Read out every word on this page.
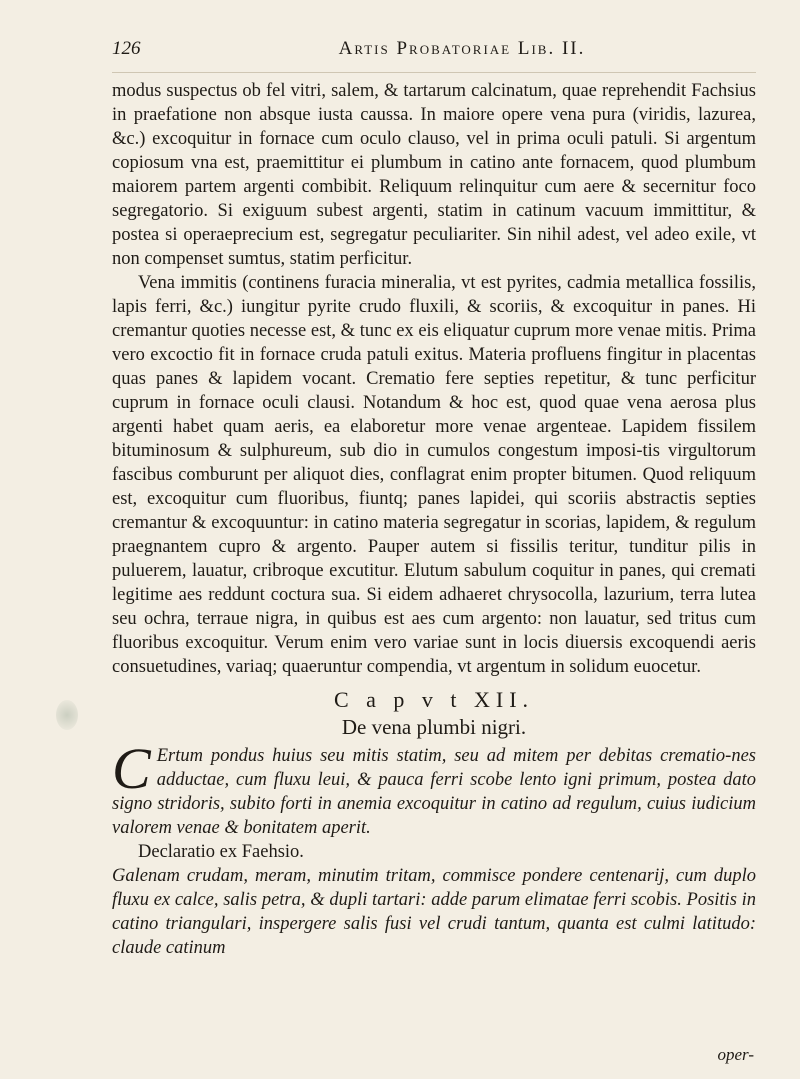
126	Artis Probatoriae Lib. II.

modus suspectus ob fel vitri, salem, & tartarum calcinatum, quae reprehendit Fachsius in praefatione non absque iusta caussa. In maiore opere vena pura (viridis, lazurea, &c.) excoquitur in fornace cum oculo clauso, vel in prima oculi patuli. Si argentum copiosum vna est, praemittitur ei plumbum in catino ante fornacem, quod plumbum maiorem partem argenti combibit. Reliquum relinquitur cum aere & secernitur foco segregatorio. Si exiguum subest argenti, statim in catinum vacuum immittitur, & postea si operaeprecium est, segregatur peculiariter. Sin nihil adest, vel adeo exile, vt non compenset sumtus, statim perficitur.

Vena immitis (continens furacia mineralia, vt est pyrites, cadmia metallica fossilis, lapis ferri, &c.) iungitur pyrite crudo fluxili, & scoriis, & excoquitur in panes. Hi cremantur quoties necesse est, & tunc ex eis eliquatur cuprum more venae mitis. Prima vero excoctio fit in fornace cruda patuli exitus. Materia profluens fingitur in placentas quas panes & lapidem vocant. Crematio fere septies repetitur, & tunc perficitur cuprum in fornace oculi clausi. Notandum & hoc est, quod quae vena aerosa plus argenti habet quam aeris, ea elaboretur more venae argenteae. Lapidem fissilem bituminosum & sulphureum, sub dio in cumulos congestum imposi-tis virgultorum fascibus comburunt per aliquot dies, conflagrat enim propter bitumen. Quod reliquum est, excoquitur cum fluoribus, fiuntq; panes lapidei, qui scoriis abstractis septies cremantur & excoquuntur: in catino materia segregatur in scorias, lapidem, & regulum praegnantem cupro & argento. Pauper autem si fissilis teritur, tunditur pilis in puluerem, lauatur, cribroque excutitur. Elutum sabulum coquitur in panes, qui cremati legitime aes reddunt coctura sua. Si eidem adhaeret chrysocolla, lazurium, terra lutea seu ochra, terraue nigra, in quibus est aes cum argento: non lauatur, sed tritus cum fluoribus excoquitur. Verum enim vero variae sunt in locis diuersis excoquendi aeris consuetudines, variaq; quaeruntur compendia, vt argentum in solidum euocetur.

C a p v t XII.
De vena plumbi nigri.

C Ertum pondus huius seu mitis statim, seu ad mitem per debitas crematio-nes adductae, cum fluxu leui, & pauca ferri scobe lento igni primum, postea dato signo stridoris, subito forti in anemia excoquitur in catino ad regulum, cuius iudicium valorem venae & bonitatem aperit.

Declaratio ex Faehsio.

Galenam crudam, meram, minutim tritam, commisce pondere centenarij, cum duplo fluxu ex calce, salis petra, & dupli tartari: adde parum elimatae ferri scobis. Positis in catino triangulari, inspergere salis fusi vel crudi tantum, quanta est culmi latitudo: claude catinum

oper-
